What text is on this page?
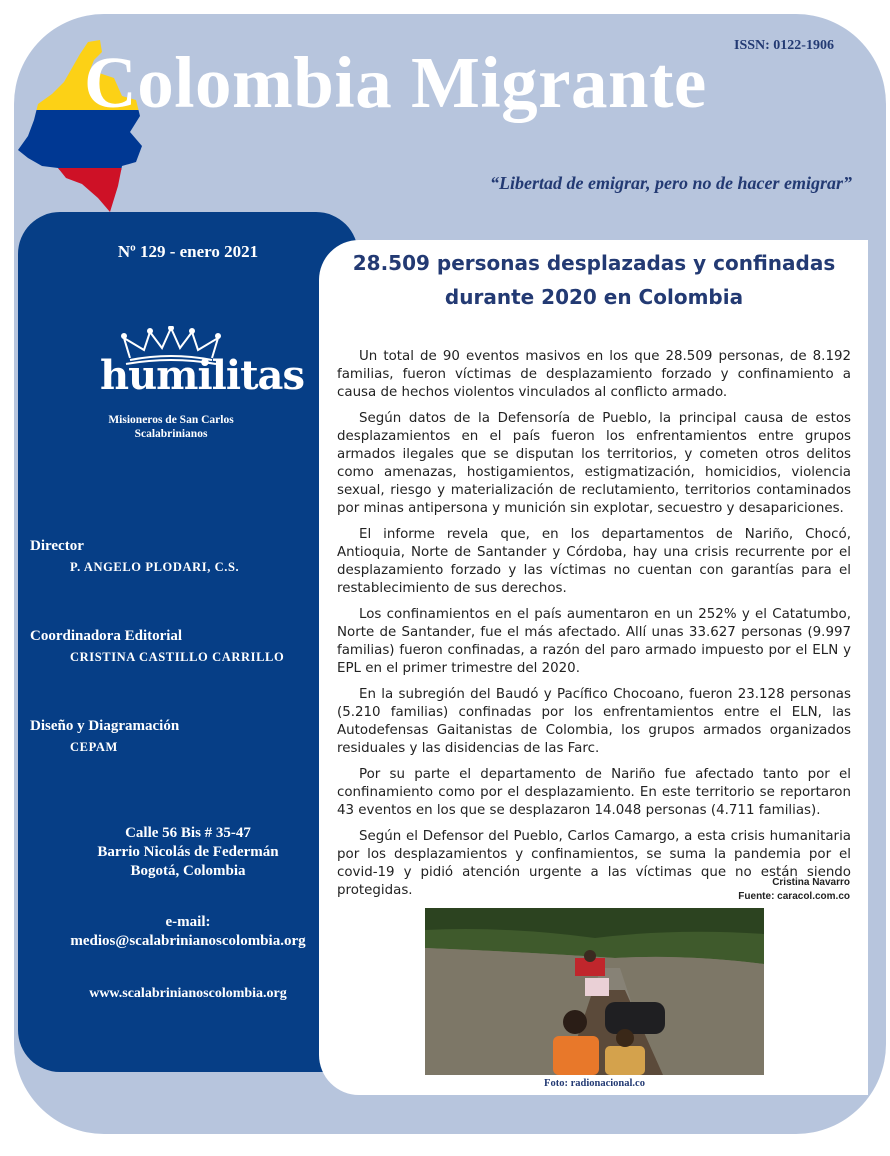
ISSN: 0122-1906
Colombia Migrante
“Libertad de emigrar, pero no de hacer emigrar”
Nº 129 - enero 2021
humilitas
Misioneros de San Carlos
Scalabrinianos
Director
P. ANGELO PLODARI, C.S.
Coordinadora Editorial
CRISTINA CASTILLO CARRILLO
Diseño y Diagramación
CEPAM
Calle 56 Bis # 35-47
Barrio Nicolás de Federmán
Bogotá, Colombia
e-mail:
medios@scalabrinianoscolombia.org
www.scalabrinianoscolombia.org
28.509 personas desplazadas y confinadas durante 2020 en Colombia

Un total de 90 eventos masivos en los que 28.509 personas, de 8.192 familias, fueron víctimas de desplazamiento forzado y confinamiento a causa de hechos violentos vinculados al conflicto armado.

Según datos de la Defensoría de Pueblo, la principal causa de estos desplazamientos en el país fueron los enfrentamientos entre grupos armados ilegales que se disputan los territorios, y cometen otros delitos como amenazas, hostigamientos, estigmatización, homicidios, violencia sexual, riesgo y materialización de reclutamiento, territorios contaminados por minas antipersona y munición sin explotar, secuestro y desapariciones.

El informe revela que, en los departamentos de Nariño, Chocó, Antioquia, Norte de Santander y Córdoba, hay una crisis recurrente por el desplazamiento forzado y las víctimas no cuentan con garantías para el restablecimiento de sus derechos.

Los confinamientos en el país aumentaron en un 252% y el Catatumbo, Norte de Santander, fue el más afectado. Allí unas 33.627 personas (9.997 familias) fueron confinadas, a razón del paro armado impuesto por el ELN y EPL en el primer trimestre del 2020.

En la subregión del Baudó y Pacífico Chocoano, fueron 23.128 personas (5.210 familias) confinadas por los enfrentamientos entre el ELN, las Autodefensas Gaitanistas de Colombia, los grupos armados organizados residuales y las disidencias de las Farc.

Por su parte el departamento de Nariño fue afectado tanto por el confinamiento como por el desplazamiento. En este territorio se reportaron 43 eventos en los que se desplazaron 14.048 personas (4.711 familias).

Según el Defensor del Pueblo, Carlos Camargo, a esta crisis humanitaria por los desplazamientos y confinamientos, se suma la pandemia por el covid-19 y pidió atención urgente a las víctimas que no están siendo protegidas.

Cristina Navarro
Fuente: caracol.com.co
Foto: radionacional.co
